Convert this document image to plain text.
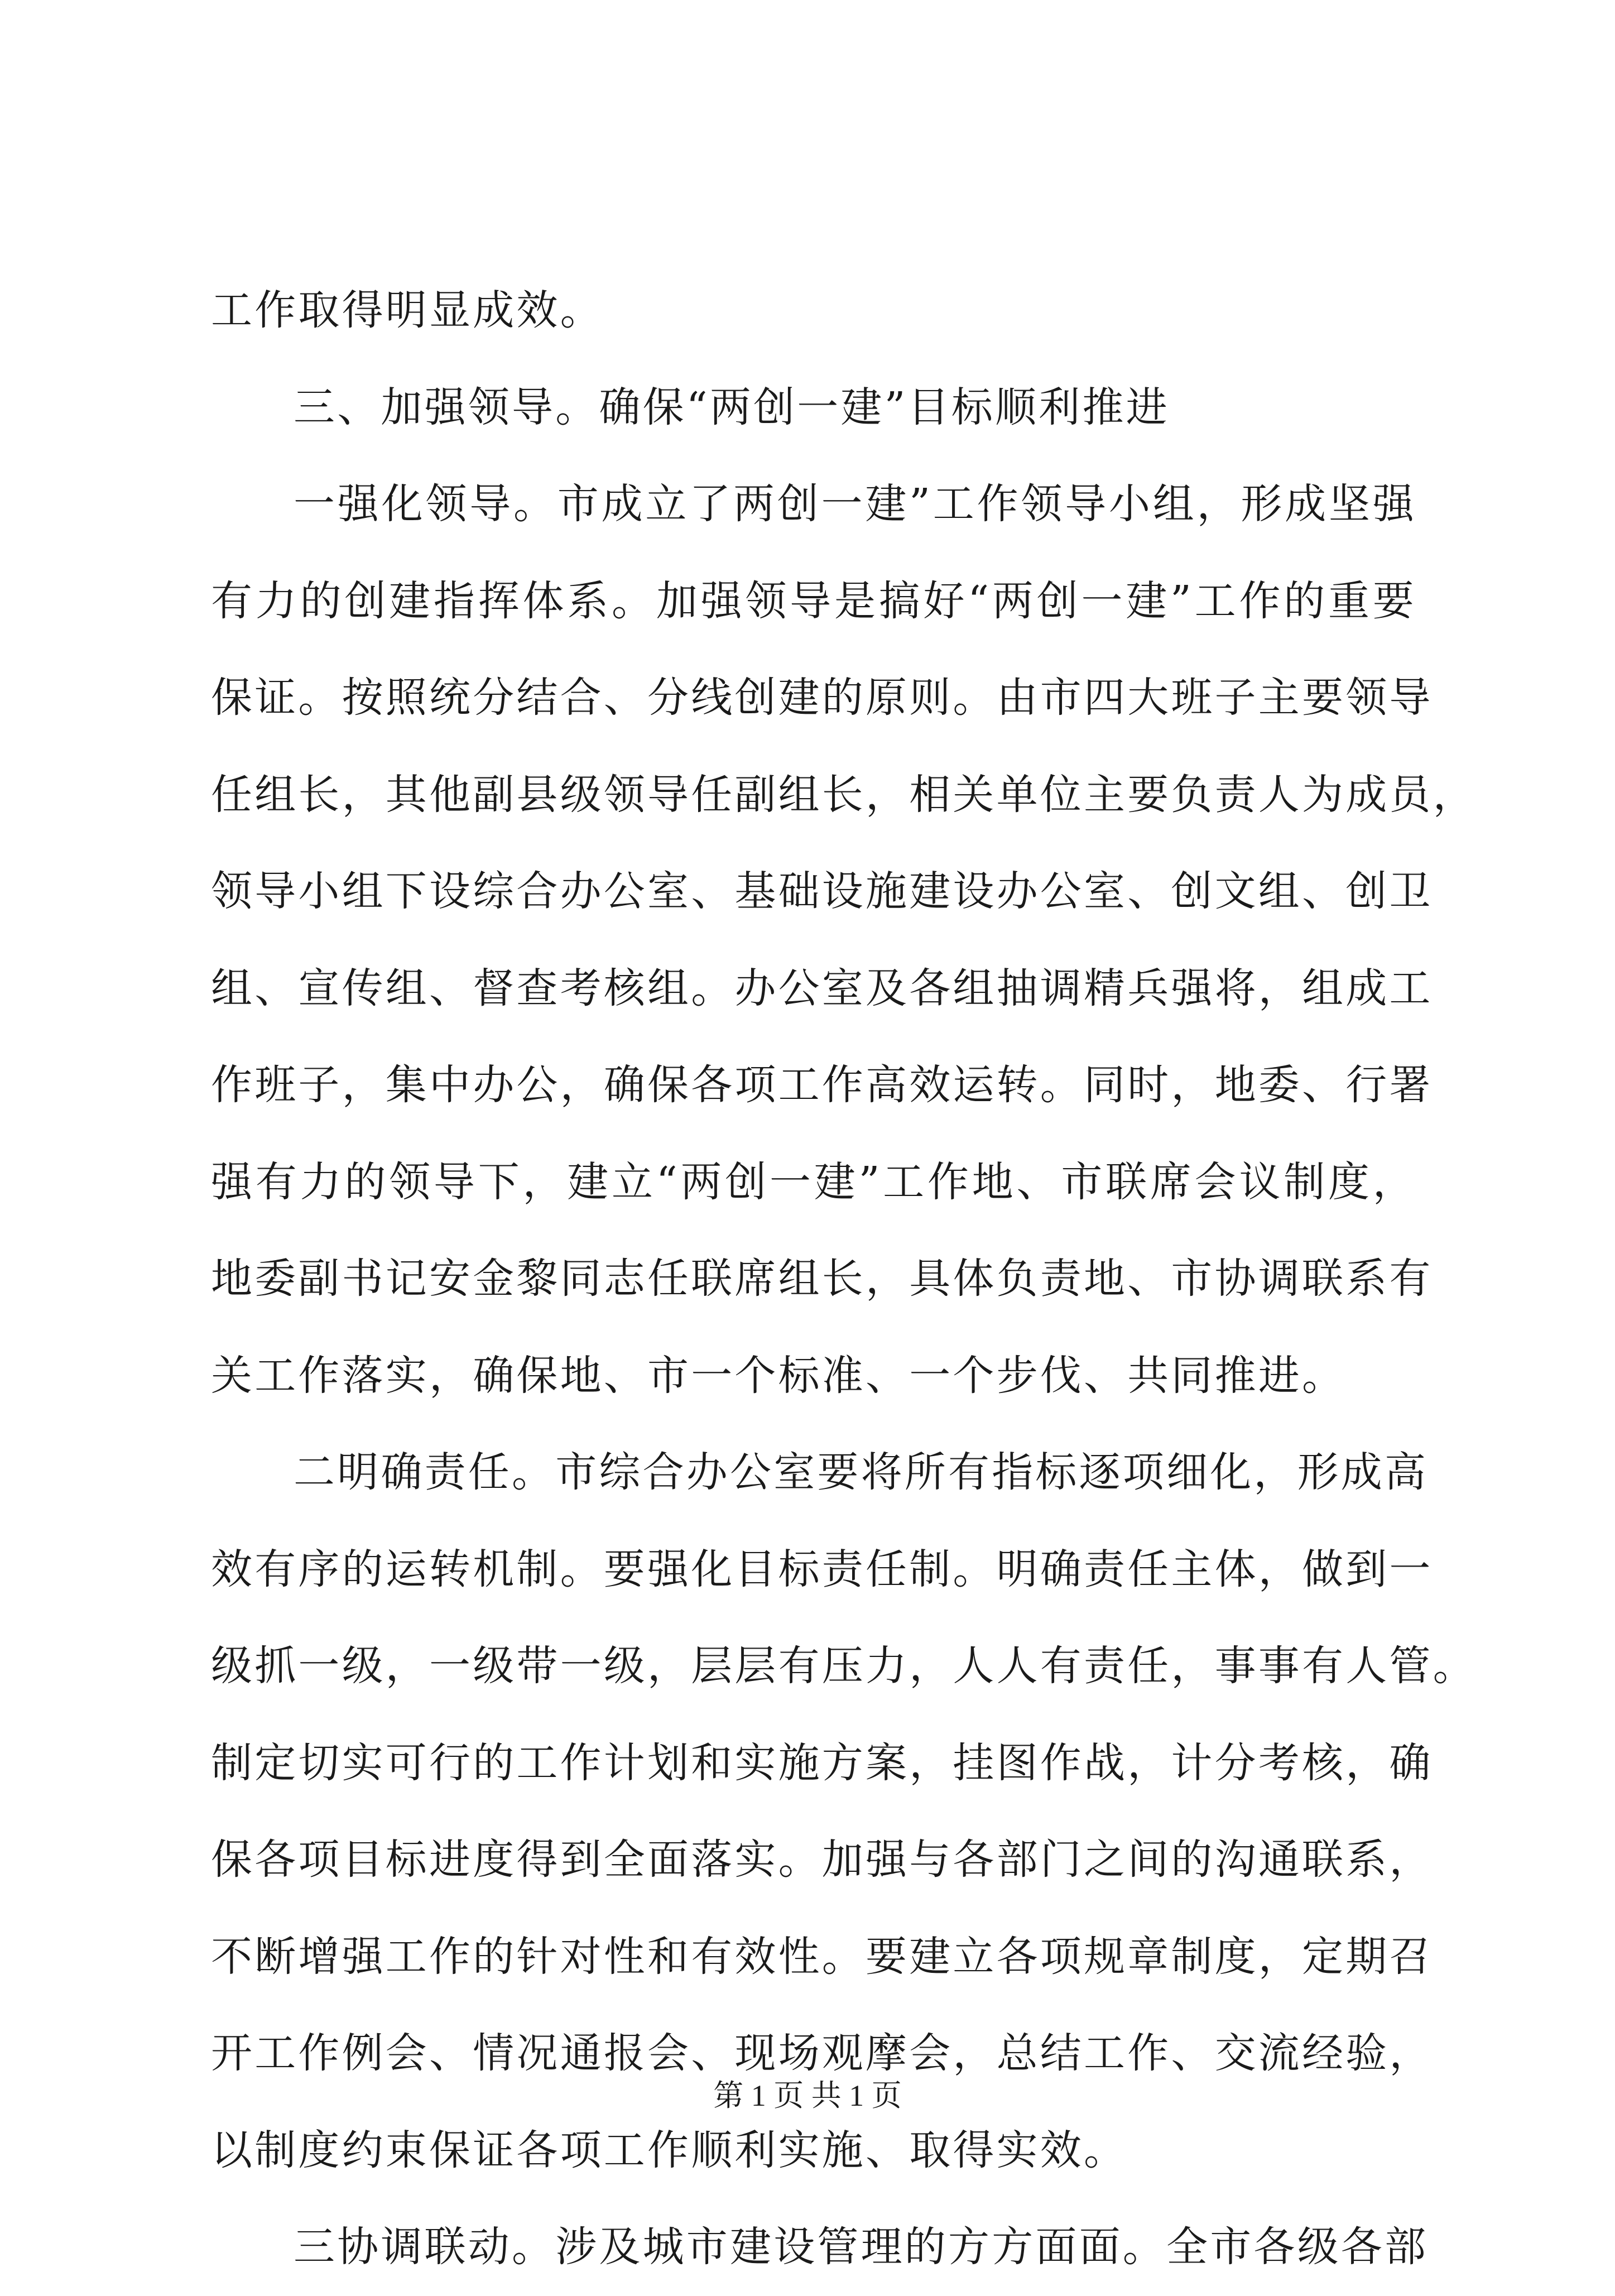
工作取得明显成效。
三、加强领导。确保“两创一建”目标顺利推进
一强化领导。市成立了两创一建”工作领导小组，形成坚强
有力的创建指挥体系。加强领导是搞好“两创一建”工作的重要
保证。按照统分结合、分线创建的原则。由市四大班子主要领导
任组长，其他副县级领导任副组长，相关单位主要负责人为成员，
领导小组下设综合办公室、基础设施建设办公室、创文组、创卫
组、宣传组、督查考核组。办公室及各组抽调精兵强将，组成工
作班子，集中办公，确保各项工作高效运转。同时，地委、行署
强有力的领导下，建立“两创一建”工作地、市联席会议制度，
地委副书记安金黎同志任联席组长，具体负责地、市协调联系有
关工作落实，确保地、市一个标准、一个步伐、共同推进。
二明确责任。市综合办公室要将所有指标逐项细化，形成高
效有序的运转机制。要强化目标责任制。明确责任主体，做到一
级抓一级，一级带一级，层层有压力，人人有责任，事事有人管。
制定切实可行的工作计划和实施方案，挂图作战，计分考核，确
保各项目标进度得到全面落实。加强与各部门之间的沟通联系，
不断增强工作的针对性和有效性。要建立各项规章制度，定期召
开工作例会、情况通报会、现场观摩会，总结工作、交流经验，
以制度约束保证各项工作顺利实施、取得实效。
三协调联动。涉及城市建设管理的方方面面。全市各级各部
第 1 页 共 1 页
